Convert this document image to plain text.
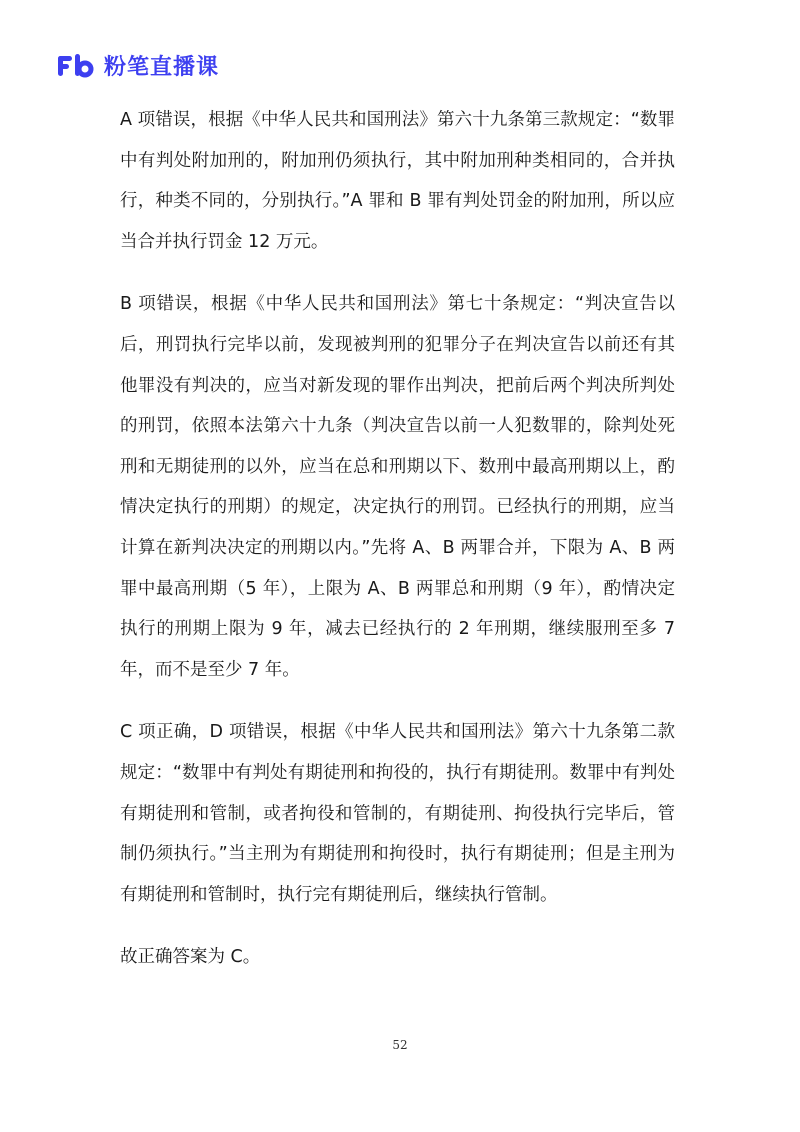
粉笔直播课

A 项错误，根据《中华人民共和国刑法》第六十九条第三款规定：“数罪中有判处附加刑的，附加刑仍须执行，其中附加刑种类相同的，合并执行，种类不同的，分别执行。”A 罪和 B 罪有判处罚金的附加刑，所以应当合并执行罚金 12 万元。

B 项错误，根据《中华人民共和国刑法》第七十条规定：“判决宣告以后，刑罚执行完毕以前，发现被判刑的犯罪分子在判决宣告以前还有其他罪没有判决的，应当对新发现的罪作出判决，把前后两个判决所判处的刑罚，依照本法第六十九条（判决宣告以前一人犯数罪的，除判处死刑和无期徒刑的以外，应当在总和刑期以下、数刑中最高刑期以上，酌情决定执行的刑期）的规定，决定执行的刑罚。已经执行的刑期，应当计算在新判决决定的刑期以内。”先将 A、B 两罪合并，下限为 A、B 两罪中最高刑期（5 年），上限为 A、B 两罪总和刑期（9 年），酌情决定执行的刑期上限为 9 年，减去已经执行的 2 年刑期，继续服刑至多 7 年，而不是至少 7 年。

C 项正确，D 项错误，根据《中华人民共和国刑法》第六十九条第二款规定：“数罪中有判处有期徒刑和拘役的，执行有期徒刑。数罪中有判处有期徒刑和管制，或者拘役和管制的，有期徒刑、拘役执行完毕后，管制仍须执行。”当主刑为有期徒刑和拘役时，执行有期徒刑；但是主刑为有期徒刑和管制时，执行完有期徒刑后，继续执行管制。

故正确答案为 C。

52
